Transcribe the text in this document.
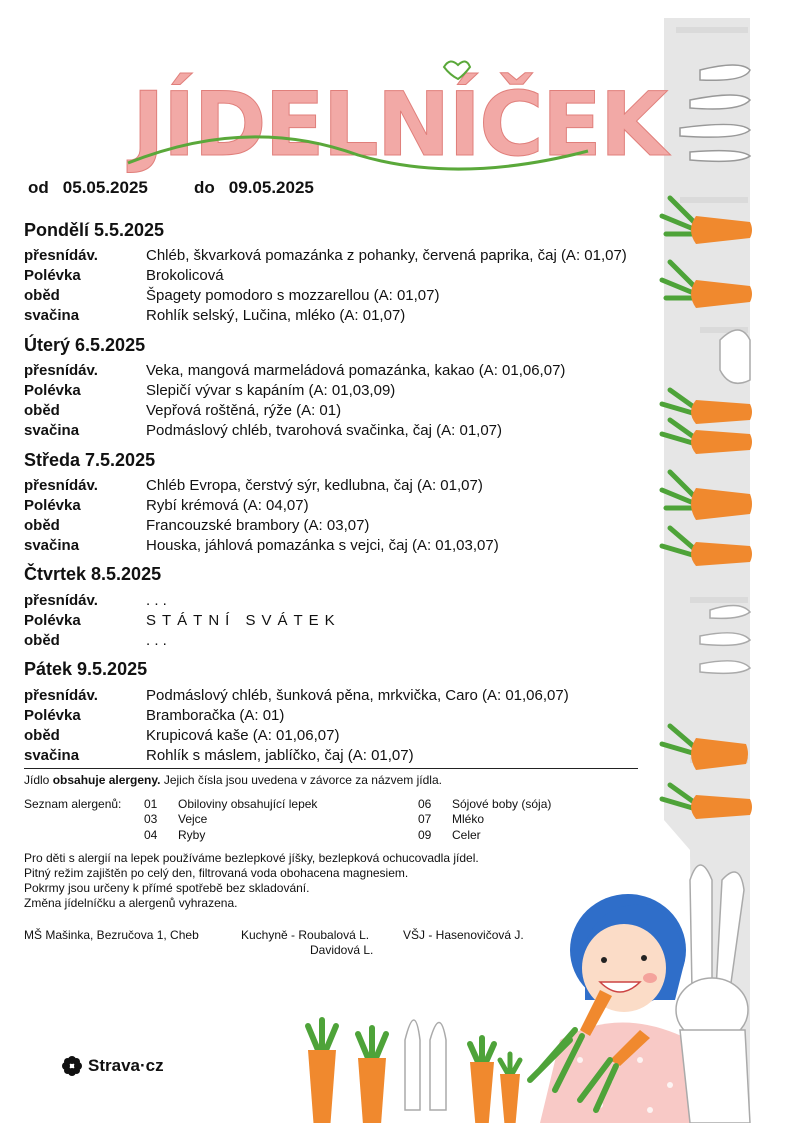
JÍDELNÍČEK
od 05.05.2025	do 09.05.2025
Pondělí 5.5.2025
přesnídáv.	Chléb, škvarková pomazánka z pohanky, červená paprika, čaj (A: 01,07)
Polévka	Brokolicová
oběd	Špagety pomodoro s mozzarellou (A: 01,07)
svačina	Rohlík selský, Lučina, mléko (A: 01,07)
Úterý 6.5.2025
přesnídáv.	Veka, mangová marmeládová pomazánka, kakao (A: 01,06,07)
Polévka	Slepičí vývar s kapáním (A: 01,03,09)
oběd	Vepřová roštěná, rýže (A: 01)
svačina	Podmáslový chléb, tvarohová svačinka, čaj (A: 01,07)
Středa 7.5.2025
přesnídáv.	Chléb Evropa, čerstvý sýr, kedlubna, čaj (A: 01,07)
Polévka	Rybí krémová (A: 04,07)
oběd	Francouzské brambory (A: 03,07)
svačina	Houska, jáhlová pomazánka s vejci, čaj (A: 01,03,07)
Čtvrtek 8.5.2025
přesnídáv.	. . .
Polévka	STÁTNÍ SVÁTEK
oběd	. . .
Pátek 9.5.2025
přesnídáv.	Podmáslový chléb, šunková pěna, mrkvička, Caro (A: 01,06,07)
Polévka	Bramboračka (A: 01)
oběd	Krupicová kaše (A: 01,06,07)
svačina	Rohlík s máslem, jablíčko, čaj (A: 01,07)
Jídlo obsahuje alergeny. Jejich čísla jsou uvedena v závorce za názvem jídla.
Seznam alergenů: 01 Obiloviny obsahující lepek
03 Vejce
04 Ryby
06 Sójové boby (sója)
07 Mléko
09 Celer
Pro děti s alergií na lepek používáme bezlepkové jíšky, bezlepková ochucovadla jídel.
Pitný režim zajištěn po celý den, filtrovaná voda obohacena magnesiem.
Pokrmy jsou určeny k přímé spotřebě bez skladování.
Změna jídelníčku a alergenů vyhrazena.
MŠ Mašinka, Bezručova 1, Cheb	Kuchyně - Roubalová L.
Davidová L.
VŠJ - Hasenovičová J.
Strava·cz
